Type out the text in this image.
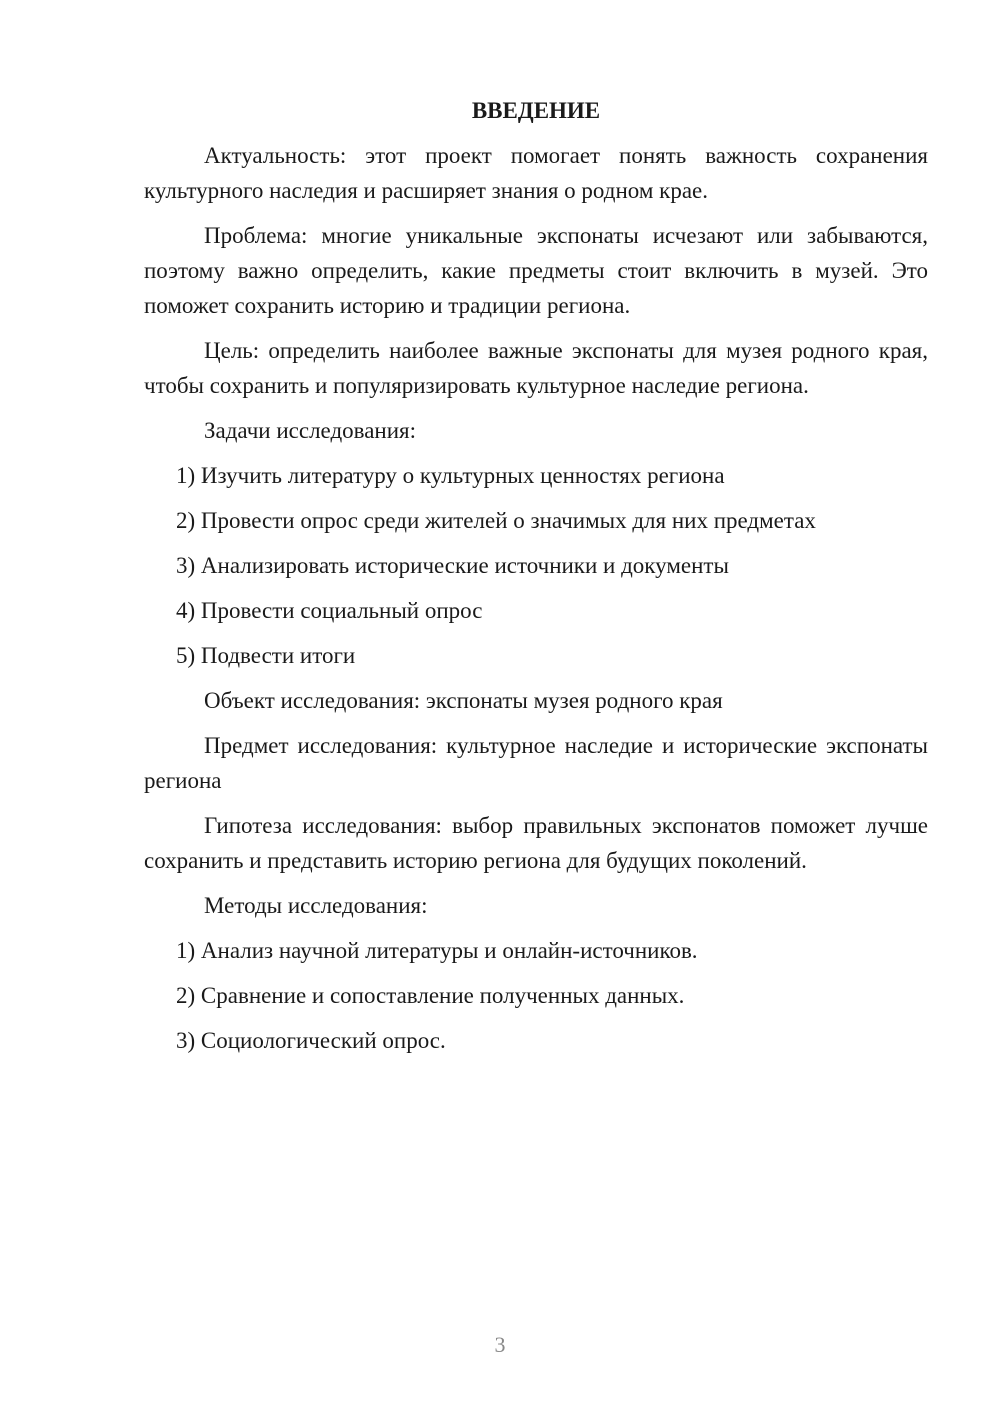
ВВЕДЕНИЕ

Актуальность: этот проект помогает понять важность сохранения культурного наследия и расширяет знания о родном крае.

Проблема: многие уникальные экспонаты исчезают или забываются, поэтому важно определить, какие предметы стоит включить в музей. Это поможет сохранить историю и традиции региона.

Цель: определить наиболее важные экспонаты для музея родного края, чтобы сохранить и популяризировать культурное наследие региона.

Задачи исследования:

1) Изучить литературу о культурных ценностях региона

2) Провести опрос среди жителей о значимых для них предметах

3) Анализировать исторические источники и документы

4) Провести социальный опрос

5) Подвести итоги

Объект исследования: экспонаты музея родного края

Предмет исследования: культурное наследие и исторические экспонаты региона

Гипотеза исследования: выбор правильных экспонатов поможет лучше сохранить и представить историю региона для будущих поколений.

Методы исследования:

1) Анализ научной литературы и онлайн-источников.

2) Сравнение и сопоставление полученных данных.

3) Социологический опрос.

3
